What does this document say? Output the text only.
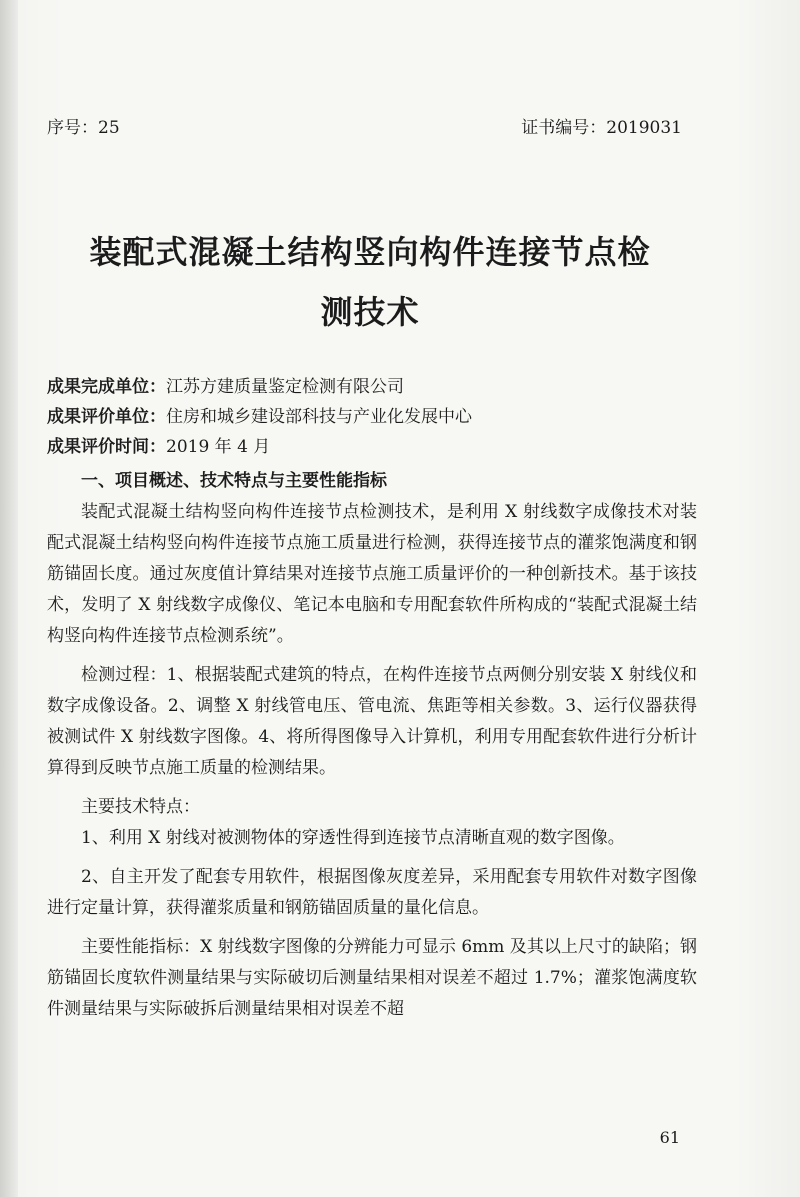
序号：25	证书编号：2019031
装配式混凝土结构竖向构件连接节点检
测技术
成果完成单位：江苏方建质量鉴定检测有限公司
成果评价单位：住房和城乡建设部科技与产业化发展中心
成果评价时间：2019 年 4 月
一、项目概述、技术特点与主要性能指标

装配式混凝土结构竖向构件连接节点检测技术，是利用 X 射线数字成像技术对装配式混凝土结构竖向构件连接节点施工质量进行检测，获得连接节点的灌浆饱满度和钢筋锚固长度。通过灰度值计算结果对连接节点施工质量评价的一种创新技术。基于该技术，发明了 X 射线数字成像仪、笔记本电脑和专用配套软件所构成的“装配式混凝土结构竖向构件连接节点检测系统”。

检测过程：1、根据装配式建筑的特点，在构件连接节点两侧分别安装 X 射线仪和数字成像设备。2、调整 X 射线管电压、管电流、焦距等相关参数。3、运行仪器获得被测试件 X 射线数字图像。4、将所得图像导入计算机，利用专用配套软件进行分析计算得到反映节点施工质量的检测结果。

主要技术特点：

1、利用 X 射线对被测物体的穿透性得到连接节点清晰直观的数字图像。

2、自主开发了配套专用软件，根据图像灰度差异，采用配套专用软件对数字图像进行定量计算，获得灌浆质量和钢筋锚固质量的量化信息。

主要性能指标：X 射线数字图像的分辨能力可显示 6mm 及其以上尺寸的缺陷；钢筋锚固长度软件测量结果与实际破切后测量结果相对误差不超过 1.7%；灌浆饱满度软件测量结果与实际破拆后测量结果相对误差不超

61
